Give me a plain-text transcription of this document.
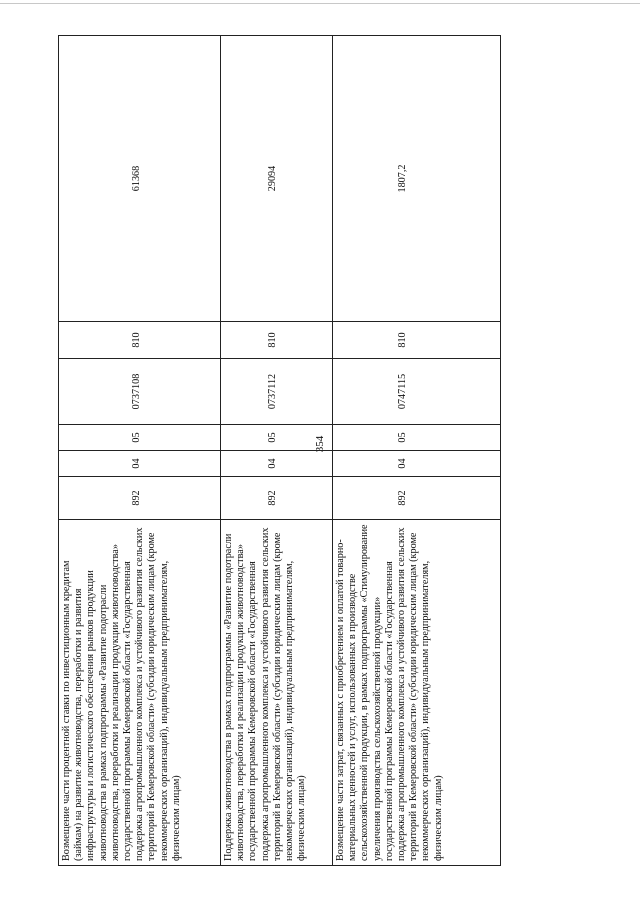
354
Возмещение части процентной ставки по инвестиционным кредитам (займам) на развитие животноводства, переработки и развития инфраструктуры и логистического обеспечения рынков продукции животноводства в рамках подпрограммы «Развитие подотрасли животноводства, переработки и реализации продукции животноводства» государственной программы Кемеровской области «Государственная поддержка агропромышленного комплекса и устойчивого развития сельских территорий в Кемеровской области» (субсидии юридическим лицам (кроме некоммерческих организаций), индивидуальным предпринимателям, физическим лицам)	892	04	05	0737108	810	61368

Поддержка животноводства в рамках подпрограммы «Развитие подотрасли животноводства, переработки и реализации продукции животноводства» государственной программы Кемеровской области «Государственная поддержка агропромышленного комплекса и устойчивого развития сельских территорий в Кемеровской области» (субсидии юридическим лицам (кроме некоммерческих организаций), индивидуальным предпринимателям, физическим лицам)	892	04	05	0737112	810	29094

Возмещение части затрат, связанных с приобретением и оплатой товарно-материальных ценностей и услуг, использованных в производстве сельскохозяйственной продукции, в рамках подпрограммы «Стимулирование увеличения производства сельскохозяйственной продукции» государственной программы Кемеровской области «Государственная поддержка агропромышленного комплекса и устойчивого развития сельских территорий в Кемеровской области» (субсидии юридическим лицам (кроме некоммерческих организаций), индивидуальным предпринимателям, физическим лицам)	892	04	05	0747115	810	1807,2
